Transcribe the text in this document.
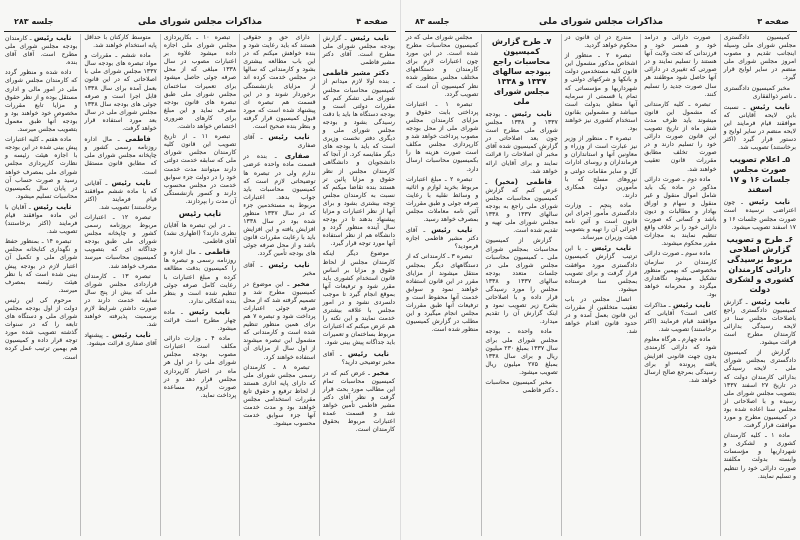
صفحه ۴
مذاکرات مجلس شورای ملی
جلسه ۲۸۳

نایب رئیس ـ گزارش بودجه مجلس شورای ملی مطرح است. آقای دکتر مشیر فاطمی

دکتر مشیر فاطمی ـ بنده اولا لازم میدانم از کمیسیون محاسبات مجلس شورای ملی تشکر کنم که مقررات دولتی است و بودجه دستگاه ها باید با دقت رسیدگی بشود و بودجه مجلس شورای ملی و دیگری دفتر نخست وزیری است که باید با بودجه های دیگر مقایسه کرد. از آنجا که دانشجویان و دانشگاهی کارمندان مجلس از نظر حقوق و مزایا پائین تر هستند بنده تقاضا میکنم که نسبت به کارمندان مجلس توجه بیشتری بشود و برای آنها از نظر اعتبارات و مزایا پیشنهاد بدهند تا در بودجه سال آینده منظور گردد و دانشگاه هم از نظر استفاده آنها مورد توجه قرار گیرد.

موضوع دیگر اینکه کارمندان مجلس از لحاظ حقوق و مزایا بر اساس قانون استخدام کشوری باید مقرر شود و ترفیعات آنها بموقع انجام گیرد تا موجب دلسردی نشود و در امور مجلس با علاقه بیشتری خدمت نمایند و این نکته را هم عرض میکنم که اعتبارات مربوط بساختمان و تعمیرات باید جداگانه پیش بینی شود.

نایب رئیس ـ آقای مخبر توضیحی دارید؟

مخبر ـ عرض کنم که در کمیسیون محاسبات تمام این مطالب مورد بحث قرار گرفت و نظر آقای دکتر مشیر فاطمی تأمین خواهد شد و قسمت عمده اعتبارات مربوط بحقوق کارمندان است.

دارای حق و حقوقی هستند که باید رعایت شود و بنده خواهش میکنم که در این باب مطالعه بیشتری بشود و کارمندانی که سالها در مجلس خدمت کرده اند از مزایای بازنشستگی برخوردار شوند و در این قسمت هم تبصره ای پیشنهاد شده است که مورد قبول کمیسیون قرار گرفته و بنظر بنده صحیح است.

نایب رئیس ـ آقای صفاری

صفاری ـ بنده در قسمت ماده واحده عرضی ندارم ولی در تبصره ها توضیحاتی لازم است که کمیسیون محاسبات باید جواب بدهد. اعتبارات مربوط به مستخدمین جزء که در سال ۱۳۳۷ منظور شده بود در سال ۱۳۳۸ افزایش یافته و این افزایش باید با رعایت مقررات قانون باشد و از محل صرفه جوئی های بودجه تأمین گردد.

نایب رئیس ـ آقای مخبر

مخبر ـ این موضوع در کمیسیون مطرح شد و تصمیم گرفته شد که از محل صرفه جوئی اعتبارات پرداخت شود و تبصره ۷ هم برای همین منظور تنظیم شده است و کارمندانی که مشمول این تبصره میشوند از اول سال از مزایای آن استفاده خواهند کرد.

تبصره ۸ ـ کارمندان رسمی مجلس شورای ملی که دارای پایه اداری هستند از لحاظ ترفیع و حقوق تابع مقررات استخدامی مجلس خواهند بود و مدت خدمت آنها جزء سوابق خدمت محسوب میشود.

تبصره ۱۰ ـ بکارپردازی مجلس شورای ملی اجازه داده میشود علاوه بر اعتبارات مصوب در سال ۱۳۳۸ مبلغی که از محل صرفه جوئی حاصل میشود برای تعمیرات ساختمان مجلس شورای ملی طبق تبصره های قانون بودجه مصرف نماید و این مبلغ برای کارهای ضروری اختصاص خواهد داشت.

تبصره ۱۱ ـ از تاریخ تصویب این قانون کلیه کارمندان مجلس شورای ملی که سابقه خدمت دولتی دارند میتوانند مدت خدمت خود را در دولت جزء سوابق خدمت در مجلس محسوب دارند و کسور بازنشستگی آن مدت را بپردازند.

نایب رئیس

ـ در این تبصره ها آقایان نظری دارند؟ (اظهاری نشد) آقای فاطمی.

فاطمی ـ مال اداره و روزنامه رسمی و تبصره ها را کمیسیون بدقت مطالعه کرده و مبلغ اعتبارات با رعایت کامل صرفه جوئی تنظیم شده است و بنظر بنده اشکالی ندارد.

نایب رئیس ـ ماده چهار مطرح است قرائت میشود.

ماده ۴ ـ وزارت دارائی مکلف است اعتبارات مصوب بودجه مجلس شورای ملی را در اول هر ماه در اختیار کارپردازی مجلس قرار دهد و در صورت لزوم مساعده پرداخت نماید.

متوسط کارکنان با حداقل پایه استخدام خواهند شد.

ماده ششم ـ مقررات و مواد تبصره های بودجه سال ۱۳۳۷ مجلس شورای ملی با اصلاحاتی که در این قانون بعمل آمده برای سال ۱۳۳۸ قابل اجرا است و صرفه جوئی های بودجه سال ۱۳۳۸ مجلس شورای ملی در سال بعد مورد استفاده قرار خواهد گرفت.

فاطمی ـ مال اداره روزنامه رسمی کشور و چاپخانه مجلس شورای ملی که مطابق قانون مستقل است.

نایب رئیس ـ آقایانی که با ماده ششم موافقند قیام فرمایند (اکثر برخاستند) تصویب شد.

تبصره ۱۲ ـ اعتبارات مربوط بروزنامه رسمی کشور و چاپخانه مجلس شورای ملی طبق بودجه جداگانه ای که بتصویب کمیسیون محاسبات میرسد مصرف خواهد شد.

تبصره ۱۳ ـ کارمندان قراردادی مجلس شورای ملی که بیش از پنج سال سابقه خدمت دارند در صورت داشتن شرایط لازم برسمیت پذیرفته خواهند شد.

نایب رئیس ـ پیشنهاد آقای صفاری قرائت میشود.

نایب رئیس ـ کارمندان بودجه مجلس شورای ملی مطرح است. آقای آقای بنده.

داده شده و منظور گردد که کارمندان مجلس شورای ملی در امور مالی و اداری مستقل بوده و از نظر حقوق و مزایا تابع مقررات مخصوص خود خواهند بود و بودجه آنها طبق معمول بتصویب مجلس میرسد.

ماده هفتم ـ کلیه اعتبارات پیش بینی شده در این بودجه با اجازه هیئت رئیسه و نظارت کارپردازی مجلس شورای ملی بمصرف خواهد رسید و صورت حساب آن در پایان سال بکمیسیون محاسبات تسلیم میشود.

نایب رئیس ـ آقایان با این ماده موافقند قیام فرمایند (اکثر برخاستند) تصویب شد.

تبصره ۱۴ ـ بمنظور حفظ و نگهداری کتابخانه مجلس شورای ملی و تکمیل آن اعتبار لازم در بودجه پیش بینی شده است که با نظر هیئت رئیسه بمصرف میرسد.

مرحوم کی این رئیس دولت از اول بودجه مجلس شورای ملی و دستگاه های تابعه را که در سنوات گذشته تصویب شده مورد توجه قرار داده و کمیسیون هم بهمین ترتیب عمل کرده است.

صفحه ۳
مذاکرات مجلس شورای ملی
جلسه ۸۳

کمیسیون دادگستری مجلس شورای ملی وسیله اینجانب تقدیم و مصوب امروز مجلس شورای ملی منضم در سایر لوایح قرار گیرد.

مخبر کمیسیون دادگستری ـ ناصر ذوالفقاری

نایب رئیس ـ نسبت باین لایحه آقایانی که موافقند قیام فرمایند این لایحه منضم در سایر لوایح و دستور قرار گیرد (اکثر برخاستند) تصویب شد.

۵ـ اعلام تصویب صورت مجلس جلسات ۱۶ و ۱۷ اسفند

نایب رئیس ـ چون اعتراضی نرسیده است صورت مجلس جلسات ۱۶ و ۱۷ اسفند تصویب میشود.

۶ـ طرح و تصویب گزارش اصلاحی مربوط برسیدگی دارائی کارمندان کشوری و لشکری دولت

نایب رئیس ـ گزارش کمیسیون دادگستری راجع باصلاحات مجلس سنا در لایحه رسیدگی بدارائی کارمندان مطرح است قرائت میشود.

گزارش از کمیسیون دادگستری بمجلس شورای ملی ـ لایحه رسیدگی بدارائی کارمندان دولت که در تاریخ ۲۷ اسفند ۱۳۳۷ بتصویب مجلس شورای ملی رسیده و با اصلاحاتی از مجلس سنا اعاده شده بود در کمیسیون مطرح و مورد موافقت قرار گرفت.

ماده ۱ ـ کلیه کارمندان کشوری و لشکری و شهرداریها و مؤسسات وابسته بدولت مکلفند صورت دارائی خود را تنظیم و تسلیم نمایند.

صورت دارائی و درآمد خود و همسر خود و فرزندانی که تحت ولایت آنها هستند را تسلیم نمایند و در صورتی که تغییری در دارائی آنها حاصل شود موظفند هر سال صورت جدید را تسلیم کنند.

تبصره ـ کلیه کارمندانی که مشمول این قانون میشوند باید ظرف مدت شش ماه از تاریخ تصویب این قانون صورت دارائی خود را تسلیم دارند و در صورت تخلف مطابق مقررات قانون تعقیب خواهند شد.

ماده دوم ـ صورت دارائی مذکور در ماده یک باید شامل اموال منقول و غیر منقول و سهام و اوراق بهادار و مطالبات و دیون باشد و کسانی که صورت دارائی خود را بر خلاف واقع تنظیم نمایند به مجازات مقرر محکوم میشوند.

ماده سوم ـ صورت دارائی کارمندان در سازمان مخصوصی که بهمین منظور تشکیل میشود نگاهداری میگردد و محرمانه خواهد بود.

نایب رئیس ـ مذاکرات کافی است؟ آقایانی که موافقند قیام فرمایند (اکثر برخاستند) تصویب شد.

ماده چهارم ـ هرگاه معلوم شود که دارائی کارمندی بدون جهت قانونی افزایش یافته پرونده او برای رسیدگی بمرجع صالح ارسال خواهد شد.

مندرج در آن قانون در محکوم خواهد گردید.

تبصره ۲ ـ منظور از اشخاص مذکور مشمول این قانون کلیه مستخدمین دولت و بانکها و شرکتهای دولتی و شهرداریها و مؤسساتی که تمام یا قسمتی از سرمایه آنها متعلق بدولت است میباشد و مشمولین بقانون استخدام کشوری نیز خواهند بود.

تبصره ۳ ـ منظور از وزیر نیز عبارت است از وزراء و معاونین آنها و استانداران و فرمانداران و روسای ادارات کل و سایر مقامات دولتی و نیروهای مسلح که با مأمورین دولت همکاری دارند.

ماده پنجم ـ وزارت دادگستری مأمور اجرای این قانون است و آئین نامه اجرائی آن را تهیه و بتصویب هیئت وزیران میرساند.

نایب رئیس ـ با این ترتیب گزارش کمیسیون دادگستری مورد موافقت قرار گرفت و برای تصویب بمجلس سنا فرستاده میشود.

اتصال مجلس در باب تعقیب متخلفین از مقررات این قانون بعمل آمده و در حدود قانون اقدام خواهد شد.

۷ـ طرح گزارش کمیسیون محاسبات راجع ببودجه سالهای ۱۳۳۷ و ۱۳۳۸ مجلس شورای ملی

نایب رئیس ـ بودجه ۱۳۳۷ و ۱۳۳۸ مجلس شورای ملی مطرح است چون بعد اصلاحاتی در گزارش کمیسیون شده آقای مخبر آن اصلاحات را قرائت نمایند و برای آقایان ارائه خواهد شد.

فاطمی (مخبر) ـ عرض کنم که گزارش کمیسیون محاسبات مجلس شورای ملی راجع به بودجه سالهای ۱۳۳۷ و ۱۳۳۸ مجلس شورای ملی تهیه و تقدیم شده است.

گزارش از کمیسیون محاسبات بمجلس شورای ملی ـ کمیسیون محاسبات مجلس شورای ملی در جلسات متعدد بودجه سالهای ۱۳۳۷ و ۱۳۳۸ مجلس را مورد رسیدگی قرار داده و با اصلاحاتی بشرح زیر تصویب نمود و اینک گزارش آن را تقدیم میدارد.

ماده واحده ـ بودجه مجلس شورای ملی برای سال ۱۳۳۷ بمبلغ ۲۳۰ میلیون ریال و برای سال ۱۳۳۸ بمبلغ ۲۷۵ میلیون ریال تصویب میشود.

مخبر کمیسیون محاسبات ـ دکتر فاطمی

مجلس شورای ملی که در کمیسیون محاسبات مطرح شده است. در این مورد چون اعتبارات لازم برای کارمندان و دستگاههای مختلف مجلس منظور شده نظر کمیسیون آن است که تصویب گردد.

تبصره ۱ ـ اعتبارات پرداختی بابت حقوق و مزایای کارمندان مجلس شورای ملی از محل بودجه مصوب پرداخت خواهد شد و کارپردازی مجلس مکلف است صورت هزینه ها را بکمیسیون محاسبات ارسال دارد.

تبصره ۲ ـ مبلغ اعتبارات مربوط بخرید لوازم و اثاثیه و وسائط نقلیه با رعایت صرفه جوئی و طبق مقررات آئین نامه معاملات مجلس بمصرف خواهد رسید.

نایب رئیس ـ آقای دکتر مشیر فاطمی اجازه فرمودید؟

تبصره ۳ ـ کارمندانی که از دستگاههای دیگر بمجلس منتقل میشوند از مزایای مقرر در این قانون استفاده خواهند نمود و سوابق خدمت آنها محفوظ است و ترفیعات آنها طبق مقررات مجلس انجام میگیرد و این مطلب در گزارش کمیسیون منظور شده است.
